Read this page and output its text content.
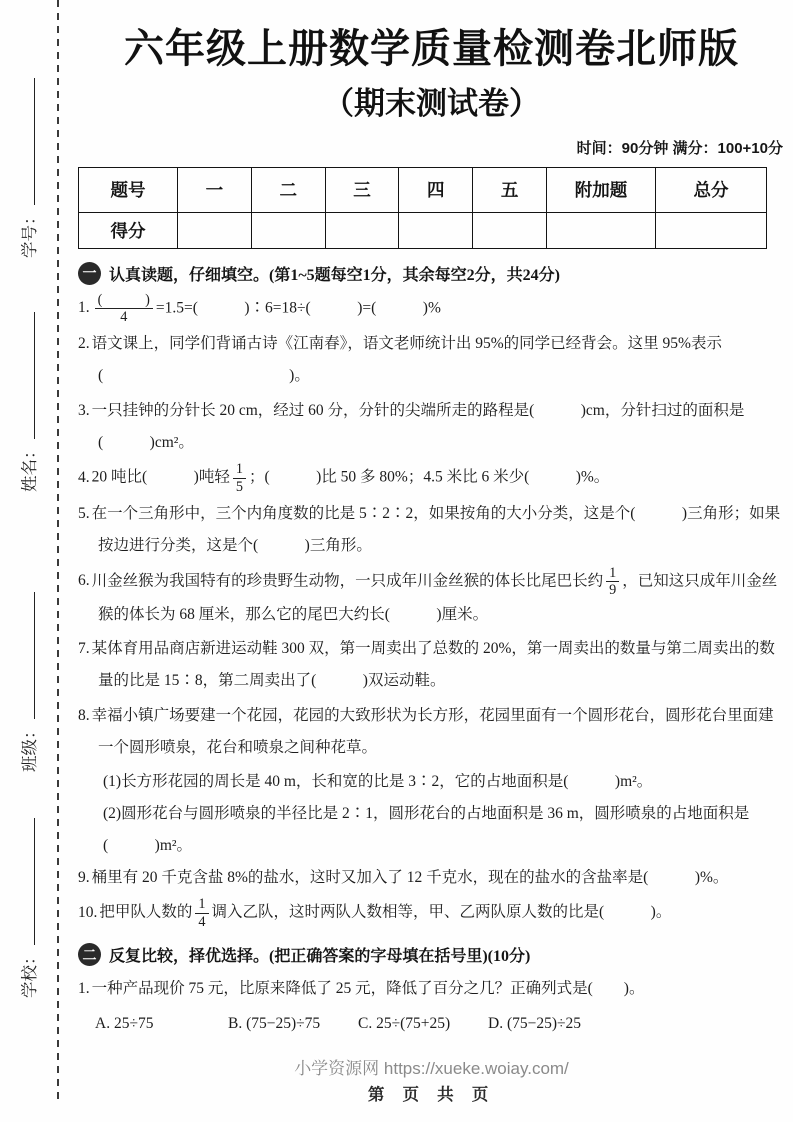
学号：
姓名：
班级：
学校：
六年级上册数学质量检测卷北师版
（期末测试卷）
时间：90分钟 满分：100+10分
题号	一	二	三	四	五	附加题	总分
得分							
一 认真读题，仔细填空。(第1~5题每空1分，其余每空2分，共24分)
1. $\frac{( )}{4} =1.5=$(　　　)∶6=18÷(　　　)=(　　　)%
2. 语文课上，同学们背诵古诗《江南春》，语文老师统计出 95%的同学已经背会。这里 95%表示(　　　　　　　　　　　　)。
3. 一只挂钟的分针长 20 cm，经过 60 分，分针的尖端所走的路程是(　　　)cm，分针扫过的面积是(　　　)cm²。
4. 20 吨比(　　　)吨轻 $\frac{1}{5}$ ；(　　　)比 50 多 80%；4.5 米比 6 米少(　　　)%。
5. 在一个三角形中，三个内角度数的比是 5∶2∶2，如果按角的大小分类，这是个(　　　)三角形；如果按边进行分类，这是个(　　　)三角形。
6. 川金丝猴为我国特有的珍贵野生动物，一只成年川金丝猴的体长比尾巴长约 $\frac{1}{9}$ ，已知这只成年川金丝猴的体长为 68 厘米，那么它的尾巴大约长(　　　)厘米。
7. 某体育用品商店新进运动鞋 300 双，第一周卖出了总数的 20%，第一周卖出的数量与第二周卖出的数量的比是 15∶8，第二周卖出了(　　　)双运动鞋。
8. 幸福小镇广场要建一个花园，花园的大致形状为长方形，花园里面有一个圆形花台，圆形花台里面建一个圆形喷泉，花台和喷泉之间种花草。
(1)长方形花园的周长是 40 m，长和宽的比是 3∶2，它的占地面积是(　　　)m²。
(2)圆形花台与圆形喷泉的半径比是 2∶1，圆形花台的占地面积是 36 m，圆形喷泉的占地面积是(　　　)m²。
9. 桶里有 20 千克含盐 8%的盐水，这时又加入了 12 千克水，现在的盐水的含盐率是(　　　)%。
10. 把甲队人数的 $\frac{1}{4}$ 调入乙队，这时两队人数相等，甲、乙两队原人数的比是(　　　)。
二 反复比较，择优选择。(把正确答案的字母填在括号里)(10分)
1. 一种产品现价 75 元，比原来降低了 25 元，降低了百分之几？正确列式是(　　)。
A. 25÷75	B. (75−25)÷75	C. 25÷(75+25)	D. (75−25)÷25
小学资源网 https://xueke.woiay.com/
第 页 共 页
